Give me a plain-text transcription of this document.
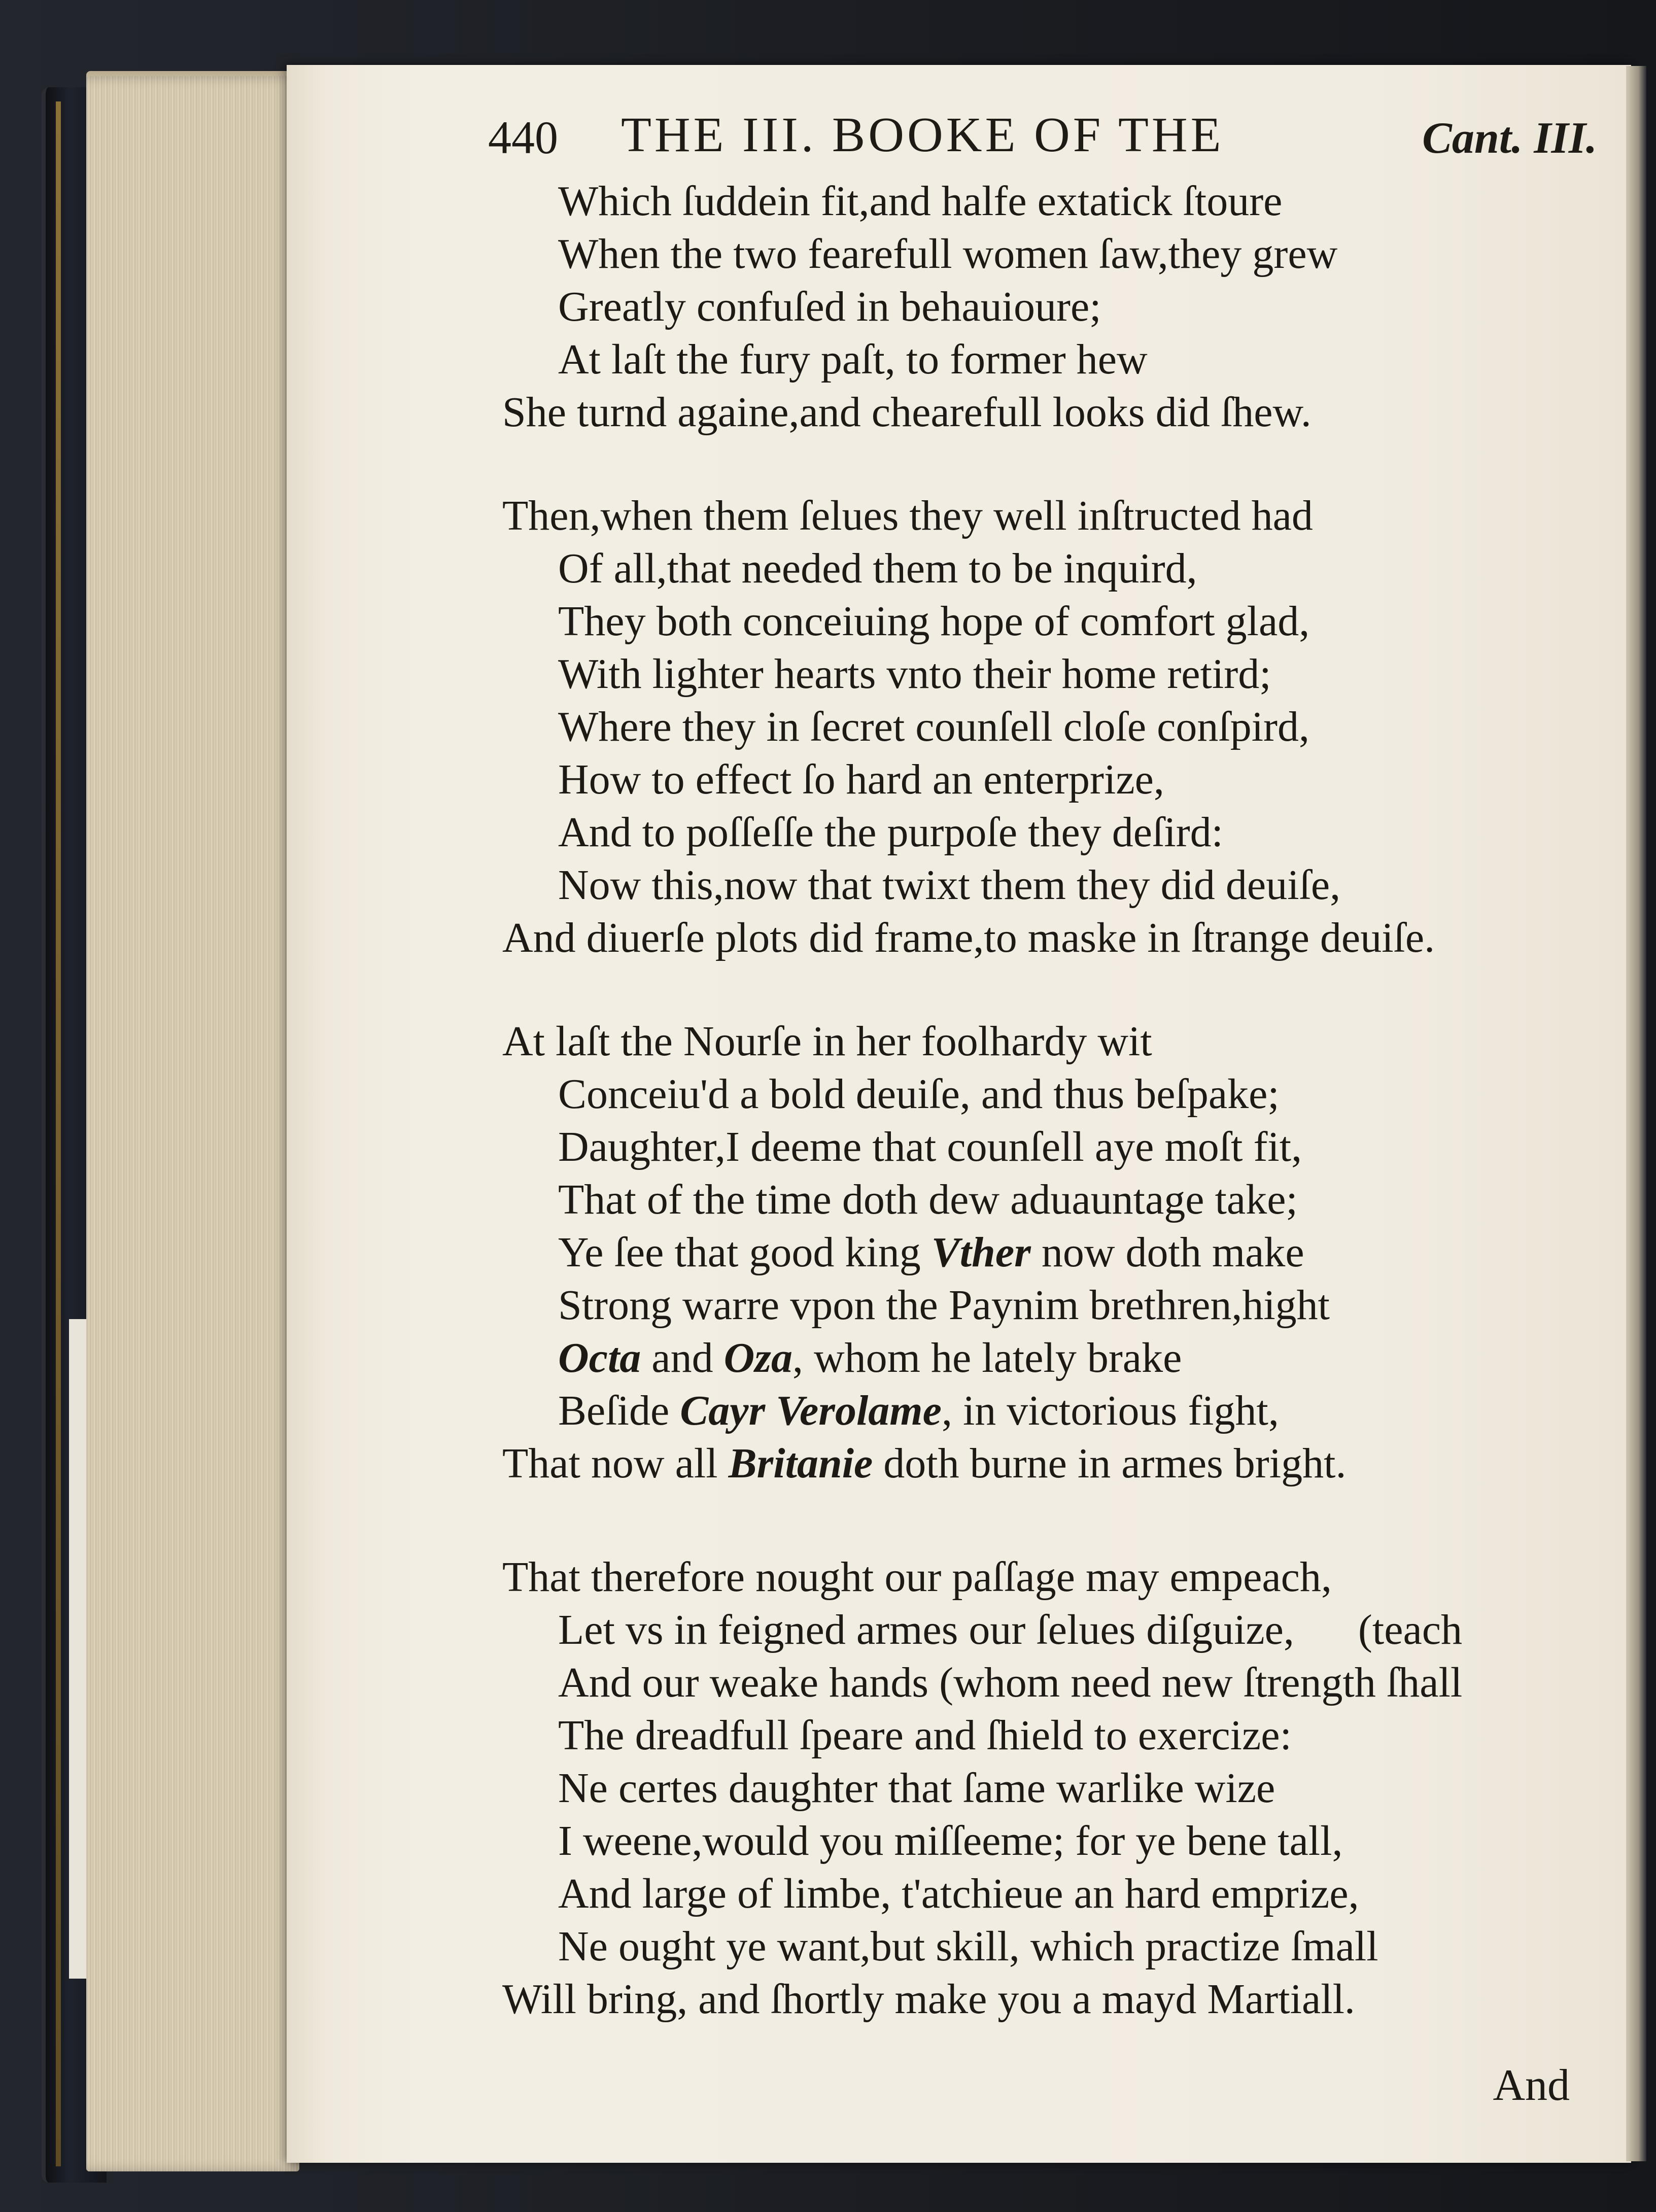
440 THE III. BOOKE OF THE	Cant. III.
Which ſuddein fit,and halfe extatick ſtoure
When the two fearefull women ſaw,they grew
Greatly confuſed in behauioure;
At laſt the fury paſt, to former hew
She turnd againe,and chearefull looks did ſhew.
Then,when them ſelues they well inſtructed had
Of all,that needed them to be inquird,
They both conceiuing hope of comfort glad,
With lighter hearts vnto their home retird;
Where they in ſecret counſell cloſe conſpird,
How to effect ſo hard an enterprize,
And to poſſeſſe the purpoſe they deſird:
Now this,now that twixt them they did deuiſe,
And diuerſe plots did frame,to maske in ſtrange deuiſe.
At laſt the Nourſe in her foolhardy wit
Conceiu'd a bold deuiſe, and thus beſpake;
Daughter,I deeme that counſell aye moſt fit,
That of the time doth dew aduauntage take;
Ye ſee that good king Vther now doth make
Strong warre vpon the Paynim brethren,hight
Octa and Oza, whom he lately brake
Beſide Cayr Verolame, in victorious fight,
That now all Britanie doth burne in armes bright.
That therefore nought our paſſage may empeach,
Let vs in feigned armes our ſelues diſguize,      (teach
And our weake hands (whom need new ſtrength ſhall
The dreadfull ſpeare and ſhield to exercize:
Ne certes daughter that ſame warlike wize
I weene,would you miſſeeme; for ye bene tall,
And large of limbe, t'atchieue an hard emprize,
Ne ought ye want,but skill, which practize ſmall
Will bring, and ſhortly make you a mayd Martiall.
And
